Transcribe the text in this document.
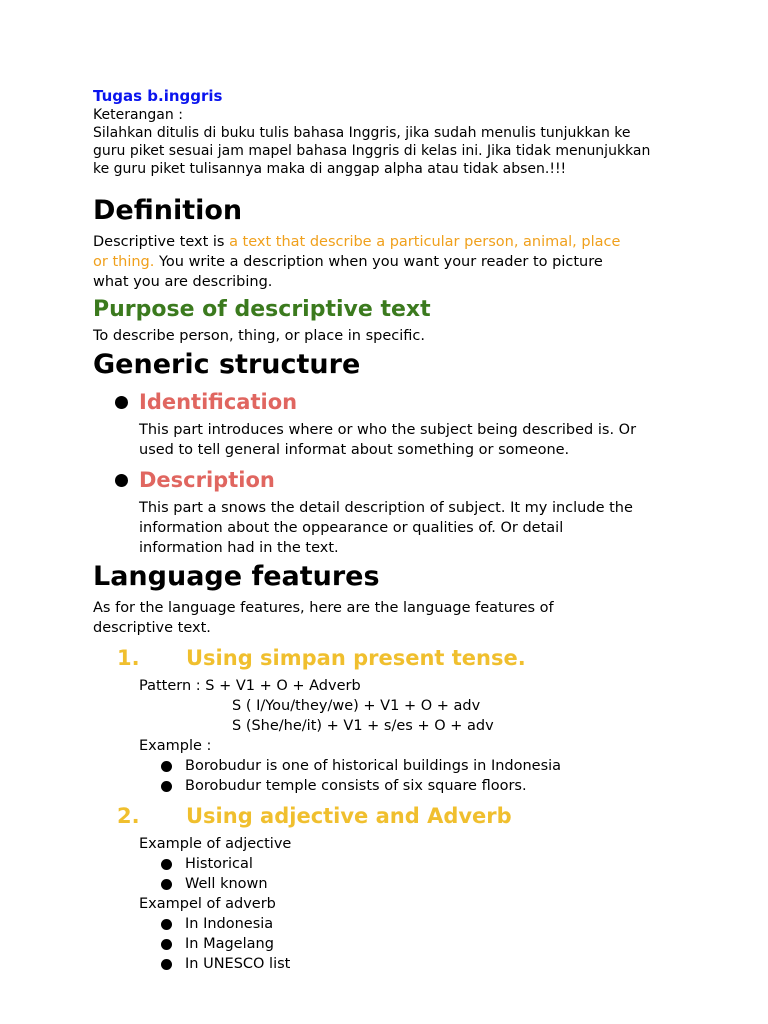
Tugas b.inggris

Keterangan :

Silahkan ditulis di buku tulis bahasa Inggris, jika sudah menulis tunjukkan ke

guru piket sesuai jam mapel bahasa Inggris di kelas ini. Jika tidak menunjukkan

ke guru piket tulisannya maka di anggap alpha atau tidak absen.!!!

Definition

Descriptive text is a text that describe a particular person, animal, place

or thing. You write a description when you want your reader to picture

what you are describing.

Purpose of descriptive text

To describe person, thing, or place in specific.

Generic structure
Identification

This part introduces where or who the subject being described is. Or

used to tell general informat about something or someone.

Description

This part a snows the detail description of subject. It my include the

information about the oppearance or qualities of. Or detail

information had in the text.

Language features

As for the language features, here are the language features of

descriptive text.

1. Using simpan present tense.

Pattern : S + V1 + O + Adverb

S ( I/You/they/we) + V1 + O + adv

S (She/he/it) + V1 + s/es + O + adv

Example :

Borobudur is one of historical buildings in Indonesia
Borobudur temple consists of six square floors.
2. Using adjective and Adverb

Example of adjective

Historical
Well known

Exampel of adverb

In Indonesia
In Magelang
In UNESCO list
